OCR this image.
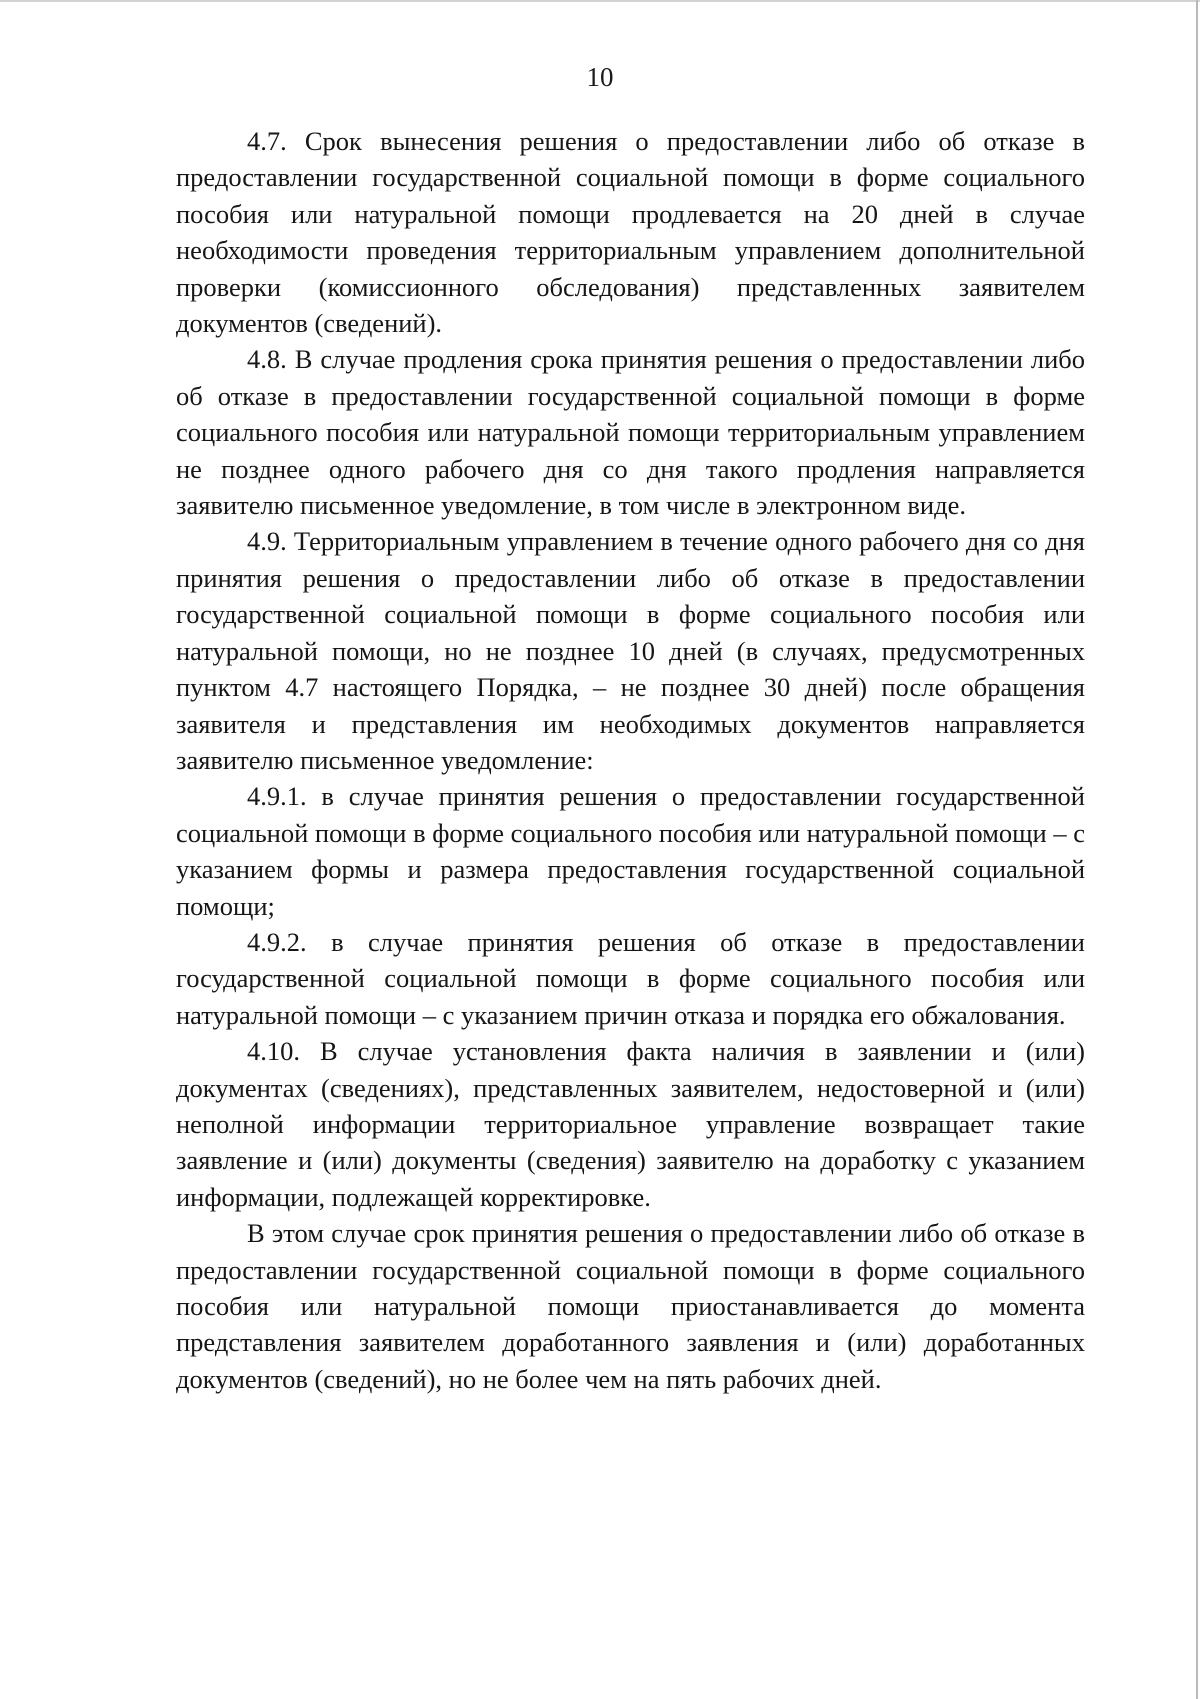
10

4.7. Срок вынесения решения о предоставлении либо об отказе в предоставлении государственной социальной помощи в форме социального пособия или натуральной помощи продлевается на 20 дней в случае необходимости проведения территориальным управлением дополнительной проверки (комиссионного обследования) представленных заявителем документов (сведений).

4.8. В случае продления срока принятия решения о предоставлении либо об отказе в предоставлении государственной социальной помощи в форме социального пособия или натуральной помощи территориальным управлением не позднее одного рабочего дня со дня такого продления направляется заявителю письменное уведомление, в том числе в электронном виде.

4.9. Территориальным управлением в течение одного рабочего дня со дня принятия решения о предоставлении либо об отказе в предоставлении государственной социальной помощи в форме социального пособия или натуральной помощи, но не позднее 10 дней (в случаях, предусмотренных пунктом 4.7 настоящего Порядка, – не позднее 30 дней) после обращения заявителя и представления им необходимых документов направляется заявителю письменное уведомление:

4.9.1. в случае принятия решения о предоставлении государственной социальной помощи в форме социального пособия или натуральной помощи – с указанием формы и размера предоставления государственной социальной помощи;

4.9.2. в случае принятия решения об отказе в предоставлении государственной социальной помощи в форме социального пособия или натуральной помощи – с указанием причин отказа и порядка его обжалования.

4.10. В случае установления факта наличия в заявлении и (или) документах (сведениях), представленных заявителем, недостоверной и (или) неполной информации территориальное управление возвращает такие заявление и (или) документы (сведения) заявителю на доработку с указанием информации, подлежащей корректировке.

В этом случае срок принятия решения о предоставлении либо об отказе в предоставлении государственной социальной помощи в форме социального пособия или натуральной помощи приостанавливается до момента представления заявителем доработанного заявления и (или) доработанных документов (сведений), но не более чем на пять рабочих дней.
